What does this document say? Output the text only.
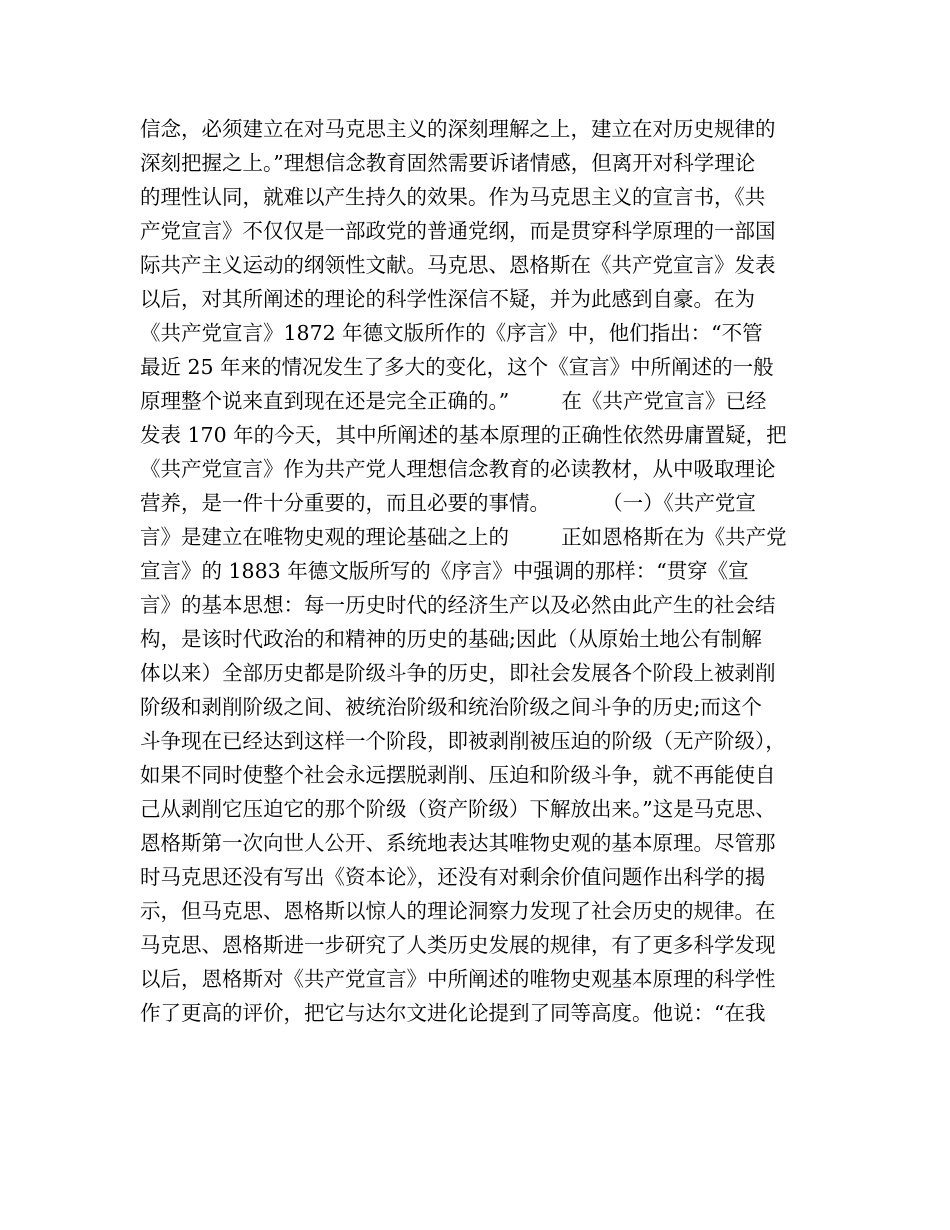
信念，必须建立在对马克思主义的深刻理解之上，建立在对历史规律的
深刻把握之上。”理想信念教育固然需要诉诸情感，但离开对科学理论
的理性认同，就难以产生持久的效果。作为马克思主义的宣言书，《共
产党宣言》不仅仅是一部政党的普通党纲，而是贯穿科学原理的一部国
际共产主义运动的纲领性文献。马克思、恩格斯在《共产党宣言》发表
以后，对其所阐述的理论的科学性深信不疑，并为此感到自豪。在为
《共产党宣言》1872 年德文版所作的《序言》中，他们指出：“不管
最近 25 年来的情况发生了多大的变化，这个《宣言》中所阐述的一般
原理整个说来直到现在还是完全正确的。”        在《共产党宣言》已经
发表 170 年的今天，其中所阐述的基本原理的正确性依然毋庸置疑，把
《共产党宣言》作为共产党人理想信念教育的必读教材，从中吸取理论
营养，是一件十分重要的，而且必要的事情。        （一）《共产党宣
言》是建立在唯物史观的理论基础之上的        正如恩格斯在为《共产党
宣言》的 1883 年德文版所写的《序言》中强调的那样：“贯穿《宣
言》的基本思想：每一历史时代的经济生产以及必然由此产生的社会结
构，是该时代政治的和精神的历史的基础;因此（从原始土地公有制解
体以来）全部历史都是阶级斗争的历史，即社会发展各个阶段上被剥削
阶级和剥削阶级之间、被统治阶级和统治阶级之间斗争的历史;而这个
斗争现在已经达到这样一个阶段，即被剥削被压迫的阶级（无产阶级），
如果不同时使整个社会永远摆脱剥削、压迫和阶级斗争，就不再能使自
己从剥削它压迫它的那个阶级（资产阶级）下解放出来。”这是马克思、
恩格斯第一次向世人公开、系统地表达其唯物史观的基本原理。尽管那
时马克思还没有写出《资本论》，还没有对剩余价值问题作出科学的揭
示，但马克思、恩格斯以惊人的理论洞察力发现了社会历史的规律。在
马克思、恩格斯进一步研究了人类历史发展的规律，有了更多科学发现
以后，恩格斯对《共产党宣言》中所阐述的唯物史观基本原理的科学性
作了更高的评价，把它与达尔文进化论提到了同等高度。他说：“在我
